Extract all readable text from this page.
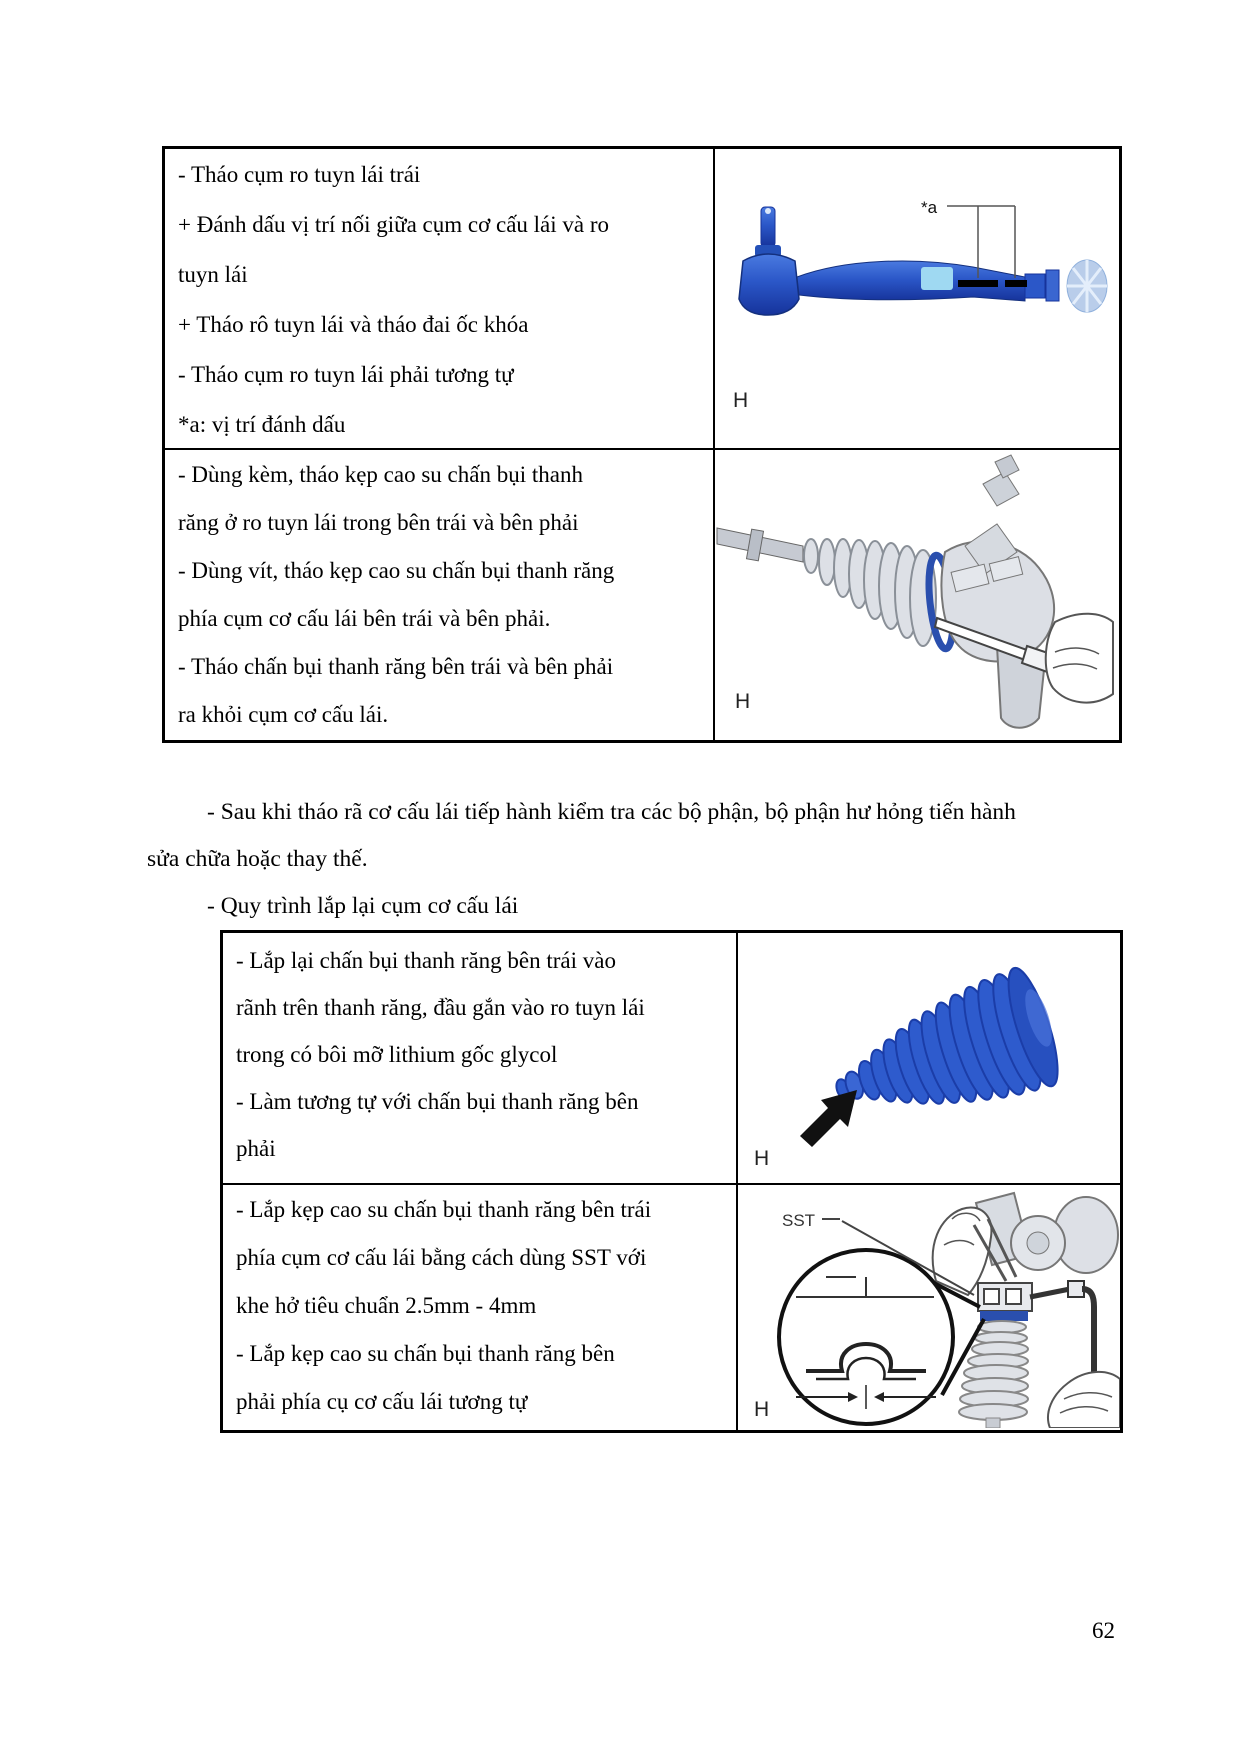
- Tháo cụm ro tuyn lái trái
+ Đánh dấu vị trí nối giữa cụm cơ cấu lái và ro
tuyn lái
+ Tháo rô tuyn lái và tháo đai ốc khóa
- Tháo cụm ro tuyn lái phải tương tự
*a: vị trí đánh dấu
*a
H
- Dùng kèm, tháo kẹp cao su chấn bụi thanh
răng ở ro tuyn lái trong bên trái và bên phải
- Dùng vít, tháo kẹp cao su chấn bụi thanh răng
phía cụm cơ cấu lái bên trái và bên phải.
- Tháo chấn bụi thanh răng bên trái và bên phải
ra khỏi cụm cơ cấu lái.
H
- Sau khi tháo rã cơ cấu lái tiếp hành kiểm tra các bộ phận, bộ phận hư hỏng tiến hành
sửa chữa hoặc thay thế.
- Quy trình lắp lại cụm cơ cấu lái
- Lắp lại chấn bụi thanh răng bên trái vào
rãnh trên thanh răng, đầu gắn vào ro tuyn lái
trong có bôi mỡ lithium gốc glycol
- Làm tương tự với chấn bụi thanh răng bên
phải	H
- Lắp kẹp cao su chấn bụi thanh răng bên trái
phía cụm cơ cấu lái bằng cách dùng SST với
khe hở tiêu chuẩn 2.5mm - 4mm
- Lắp kẹp cao su chấn bụi thanh răng bên
phải phía cụ cơ cấu lái tương tự
SST
H
62
